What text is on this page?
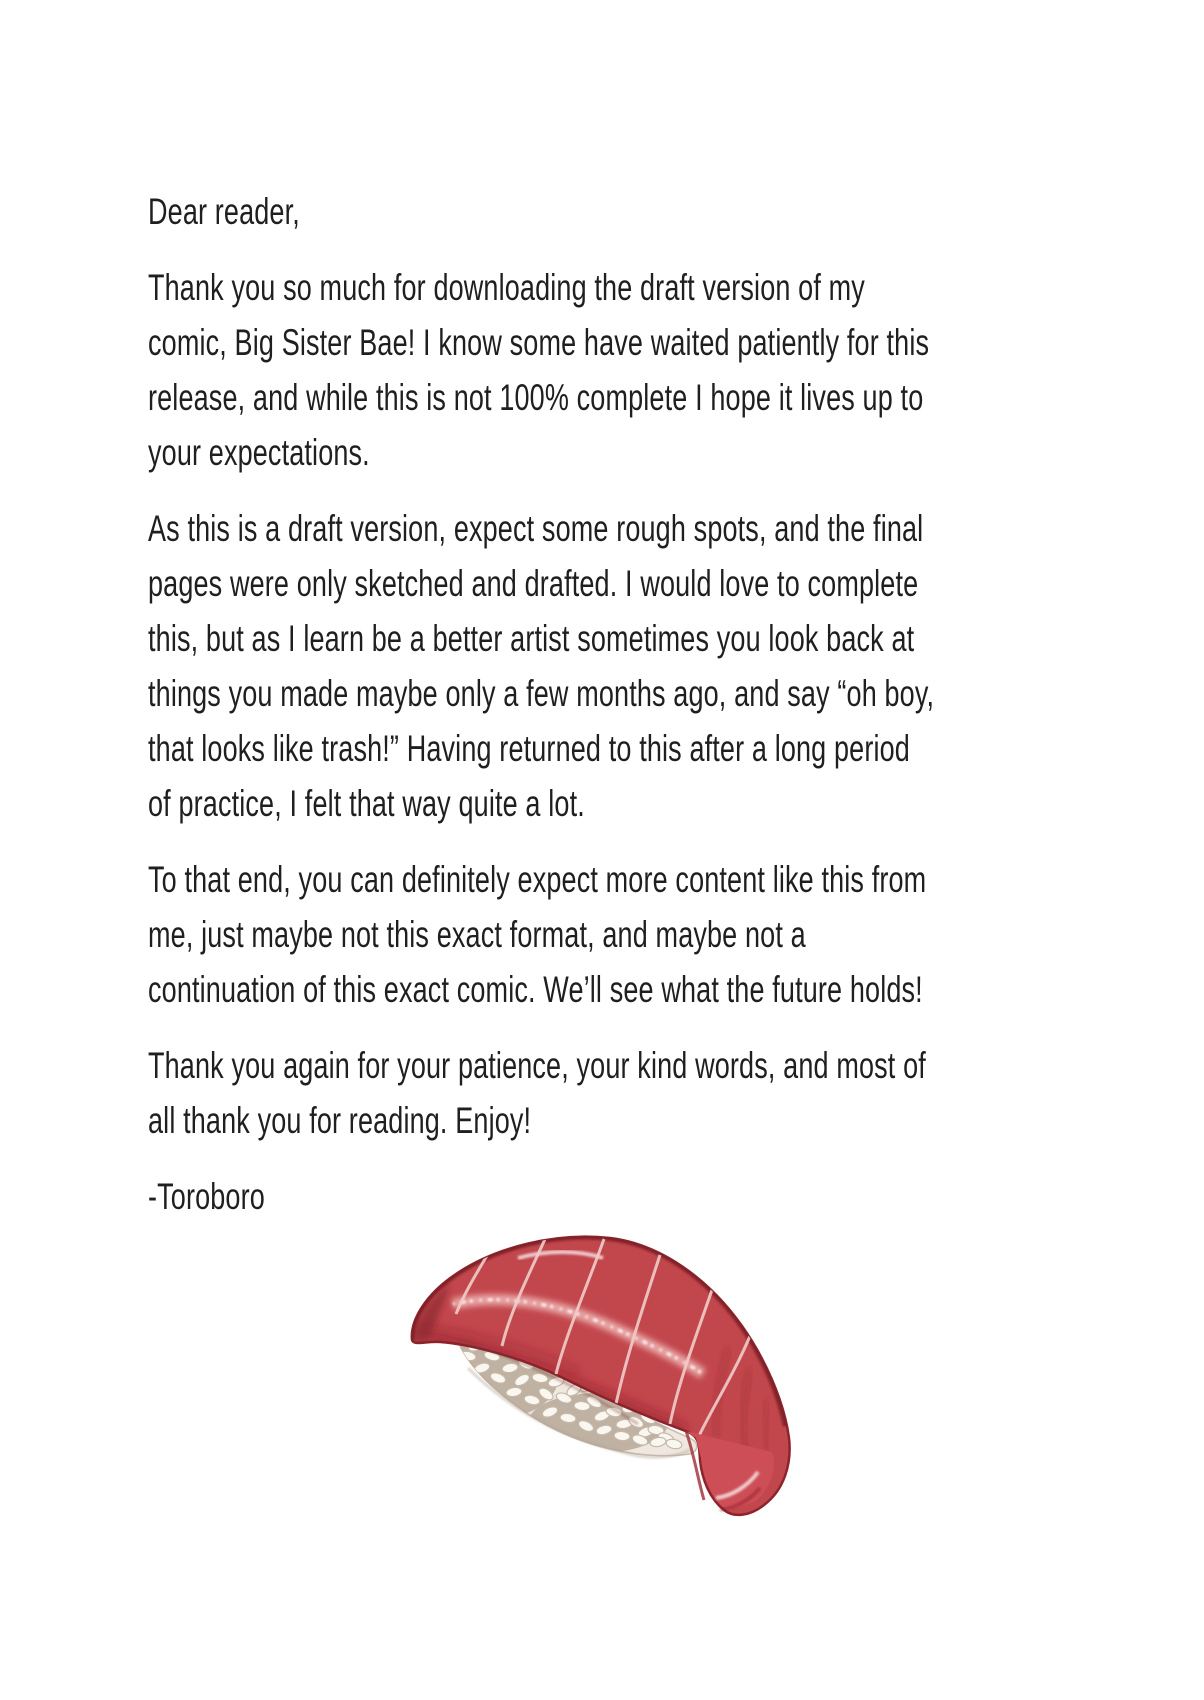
Dear reader,
Thank you so much for downloading the draft version of my
comic, Big Sister Bae! I know some have waited patiently for this
release, and while this is not 100% complete I hope it lives up to
your expectations.
As this is a draft version, expect some rough spots, and the final
pages were only sketched and drafted. I would love to complete
this, but as I learn be a better artist sometimes you look back at
things you made maybe only a few months ago, and say “oh boy,
that looks like trash!” Having returned to this after a long period
of practice, I felt that way quite a lot.
To that end, you can definitely expect more content like this from
me, just maybe not this exact format, and maybe not a
continuation of this exact comic. We’ll see what the future holds!
Thank you again for your patience, your kind words, and most of
all thank you for reading. Enjoy!
-Toroboro
